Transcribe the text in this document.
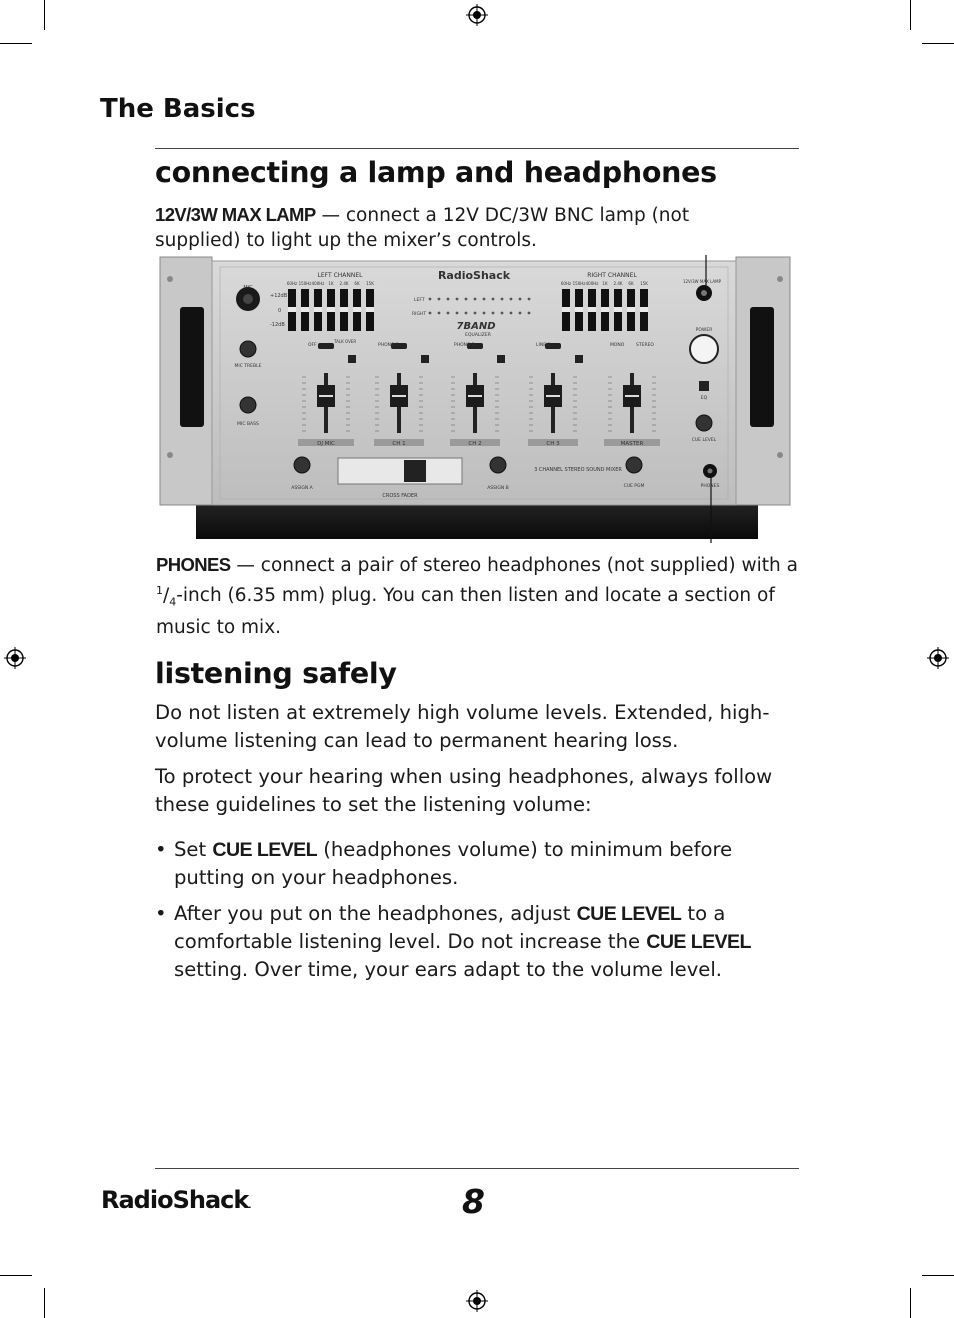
The Basics
connecting a lamp and headphones
12V/3W MAX LAMP — connect a 12V DC/3W BNC lamp (not supplied) to light up the mixer’s controls.
RadioShack
LEFT CHANNEL	RIGHT CHANNEL
60Hz 150Hz 400Hz 1K 2.4K 6K 15K	60Hz 150Hz 400Hz 1K 2.4K 6K 15K
+12dB
0
-12dB
MIC TREBLE
MIC BASS
LEFT
RIGHT
7BAND
EQUALIZER
DJ MIC	CH 1	CH 2	CH 3	MASTER
OFF
TALK OVER
PHONO 1	PHONO 2	LINE 1	MONO	STEREO
ASSIGN A
CROSS FADER
ASSIGN B
3 CHANNEL STEREO SOUND MIXER
CUE PGM
12V/3W MAX LAMP
POWER
EQ
CUE LEVEL
PHONES
PHONES — connect a pair of stereo headphones (not supplied) with a $^1/_4$-inch (6.35 mm) plug. You can then listen and locate a section of music to mix.
listening safely
Do not listen at extremely high volume levels. Extended, high-volume listening can lead to permanent hearing loss.
To protect your hearing when using headphones, always follow these guidelines to set the listening volume:
• Set CUE LEVEL (headphones volume) to minimum before putting on your headphones.
• After you put on the headphones, adjust CUE LEVEL to a comfortable listening level. Do not increase the CUE LEVEL setting. Over time, your ears adapt to the volume level.
RadioShack.	8
